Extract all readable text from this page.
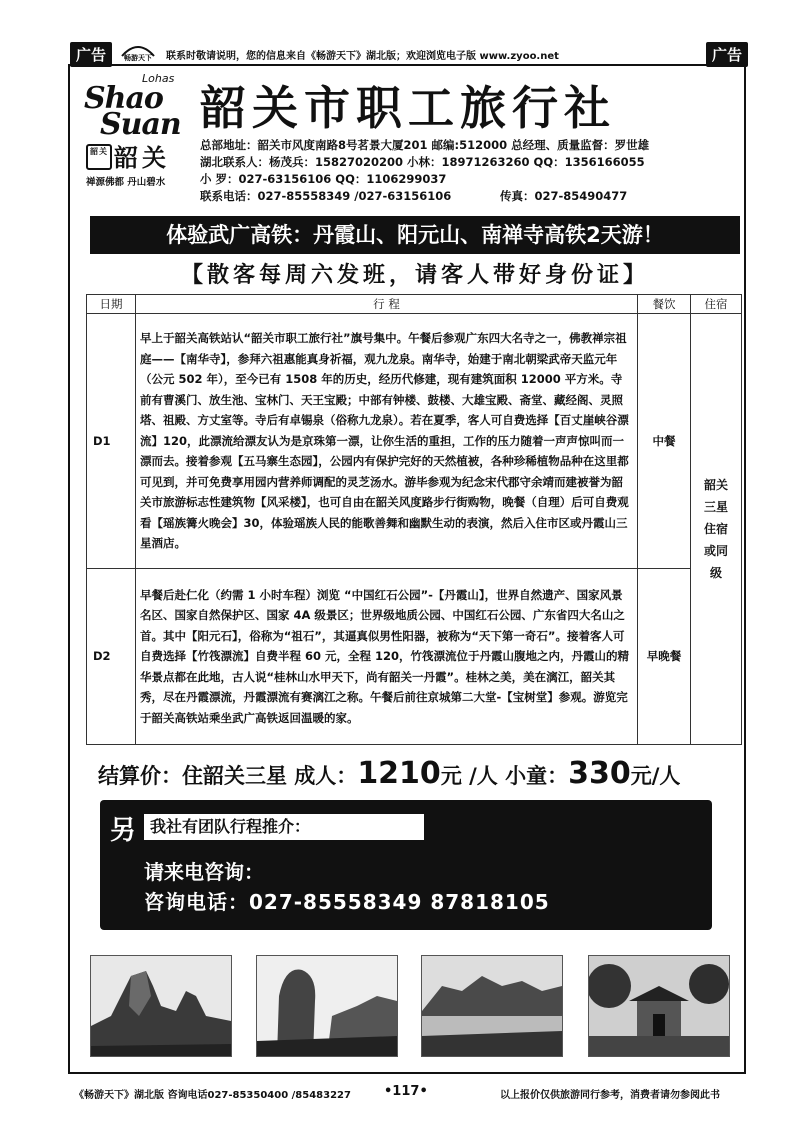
广告	畅游天下 联系时敬请说明，您的信息来自《畅游天下》湖北版；欢迎浏览电子版 www.zyoo.net	广告
Lohas
Shao
Suan
韶关 韶关
禅源佛都 丹山碧水
韶关市职工旅行社
总部地址：韶关市风度南路8号茗景大厦201 邮编:512000 总经理、质量监督：罗世雄
湖北联系人：杨茂兵：15827020200 小林：18971263260 QQ：1356166055
小 罗：027-63156106 QQ：1106299037
联系电话：027-85558349 /027-63156106	传真：027-85490477
体验武广高铁：丹霞山、阳元山、南禅寺高铁2天游！
【散客每周六发班，请客人带好身份证】
日期	行 程	餐饮	住宿
D1	早上于韶关高铁站认“韶关市职工旅行社”旗号集中。午餐后参观广东四大名寺之一，佛教禅宗祖庭——【南华寺】，参拜六祖惠能真身祈福，观九龙泉。南华寺，始建于南北朝梁武帝天监元年（公元 502 年），至今已有 1508 年的历史，经历代修建，现有建筑面积 12000 平方米。寺前有曹溪门、放生池、宝林门、天王宝殿；中部有钟楼、鼓楼、大雄宝殿、斋堂、藏经阁、灵照塔、祖殿、方丈室等。寺后有卓锡泉（俗称九龙泉）。若在夏季，客人可自费选择【百丈崖峡谷漂流】120，此漂流给漂友认为是京珠第一漂，让你生活的重担，工作的压力随着一声声惊叫而一漂而去。接着参观【五马寨生态园】，公园内有保护完好的天然植被，各种珍稀植物品种在这里都可见到，并可免费享用园内营养师调配的灵芝汤水。游毕参观为纪念宋代郡守余靖而建被誉为韶关市旅游标志性建筑物【风采楼】，也可自由在韶关风度路步行街购物，晚餐（自理）后可自费观看【瑶族篝火晚会】30，体验瑶族人民的能歌善舞和幽默生动的表演，然后入住市区或丹霞山三星酒店。	中餐	韶关三星住宿或同级

D2	早餐后赴仁化（约需 1 小时车程）浏览 “中国红石公园”-【丹霞山】，世界自然遗产、国家风景名区、国家自然保护区、国家 4A 级景区；世界级地质公园、中国红石公园、广东省四大名山之首。其中【阳元石】，俗称为“祖石”，其逼真似男性阳器，被称为“天下第一奇石”。接着客人可自费选择【竹筏漂流】自费半程 60 元，全程 120，竹筏漂流位于丹霞山腹地之内，丹霞山的精华景点都在此地，古人说“桂林山水甲天下，尚有韶关一丹霞”。桂林之美，美在漓江，韶关其秀，尽在丹霞漂流，丹霞漂流有赛漓江之称。午餐后前往京城第二大堂-【宝树堂】参观。游览完于韶关高铁站乘坐武广高铁返回温暖的家。	早晚餐	
结算价：住韶关三星 成人：1210元 /人 小童：330元/人
另 我社有团队行程推介：
请来电咨询：
咨询电话：027-85558349 87818105
《畅游天下》湖北版 咨询电话027-85350400 /85483227	•117•	以上报价仅供旅游同行参考，消费者请勿参阅此书
